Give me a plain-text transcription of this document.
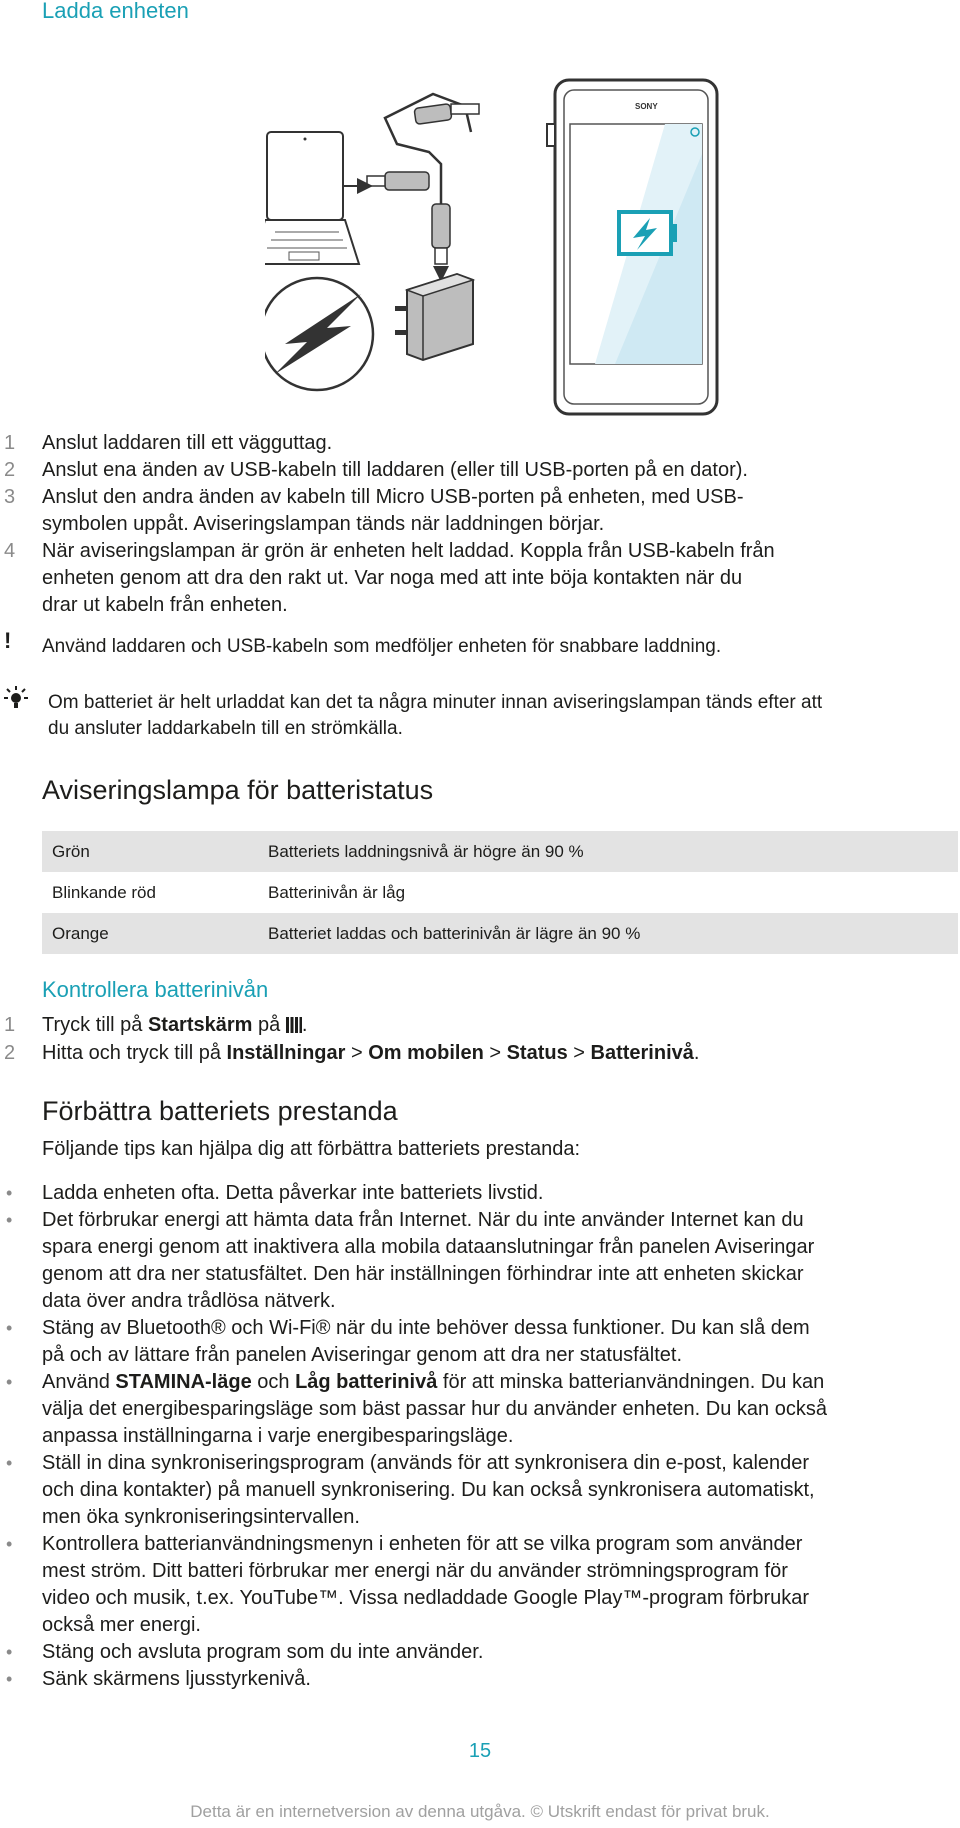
Ladda enheten
SONY
1 Anslut laddaren till ett vägguttag.
2 Anslut ena änden av USB-kabeln till laddaren (eller till USB-porten på en dator).
3 Anslut den andra änden av kabeln till Micro USB-porten på enheten, med USB-
symbolen uppåt. Aviseringslampan tänds när laddningen börjar.
4 När aviseringslampan är grön är enheten helt laddad. Koppla från USB-kabeln från
enheten genom att dra den rakt ut. Var noga med att inte böja kontakten när du
drar ut kabeln från enheten.
! Använd laddaren och USB-kabeln som medföljer enheten för snabbare laddning.
Om batteriet är helt urladdat kan det ta några minuter innan aviseringslampan tänds efter att
du ansluter laddarkabeln till en strömkälla.
Aviseringslampa för batteristatus
Grön	Batteriets laddningsnivå är högre än 90 %
Blinkande röd	Batterinivån är låg
Orange	Batteriet laddas och batterinivån är lägre än 90 %
Kontrollera batterinivån
1 Tryck till på Startskärm på .
2 Hitta och tryck till på Inställningar > Om mobilen > Status > Batterinivå.
Förbättra batteriets prestanda
Följande tips kan hjälpa dig att förbättra batteriets prestanda:
• Ladda enheten ofta. Detta påverkar inte batteriets livstid.
• Det förbrukar energi att hämta data från Internet. När du inte använder Internet kan du
spara energi genom att inaktivera alla mobila dataanslutningar från panelen Aviseringar
genom att dra ner statusfältet. Den här inställningen förhindrar inte att enheten skickar
data över andra trådlösa nätverk.
• Stäng av Bluetooth® och Wi-Fi® när du inte behöver dessa funktioner. Du kan slå dem
på och av lättare från panelen Aviseringar genom att dra ner statusfältet.
• Använd STAMINA-läge och Låg batterinivå för att minska batterianvändningen. Du kan
välja det energibesparingsläge som bäst passar hur du använder enheten. Du kan också
anpassa inställningarna i varje energibesparingsläge.
• Ställ in dina synkroniseringsprogram (används för att synkronisera din e-post, kalender
och dina kontakter) på manuell synkronisering. Du kan också synkronisera automatiskt,
men öka synkroniseringsintervallen.
• Kontrollera batterianvändningsmenyn i enheten för att se vilka program som använder
mest ström. Ditt batteri förbrukar mer energi när du använder strömningsprogram för
video och musik, t.ex. YouTube™. Vissa nedladdade Google Play™-program förbrukar
också mer energi.
• Stäng och avsluta program som du inte använder.
• Sänk skärmens ljusstyrkenivå.
15
Detta är en internetversion av denna utgåva. © Utskrift endast för privat bruk.
